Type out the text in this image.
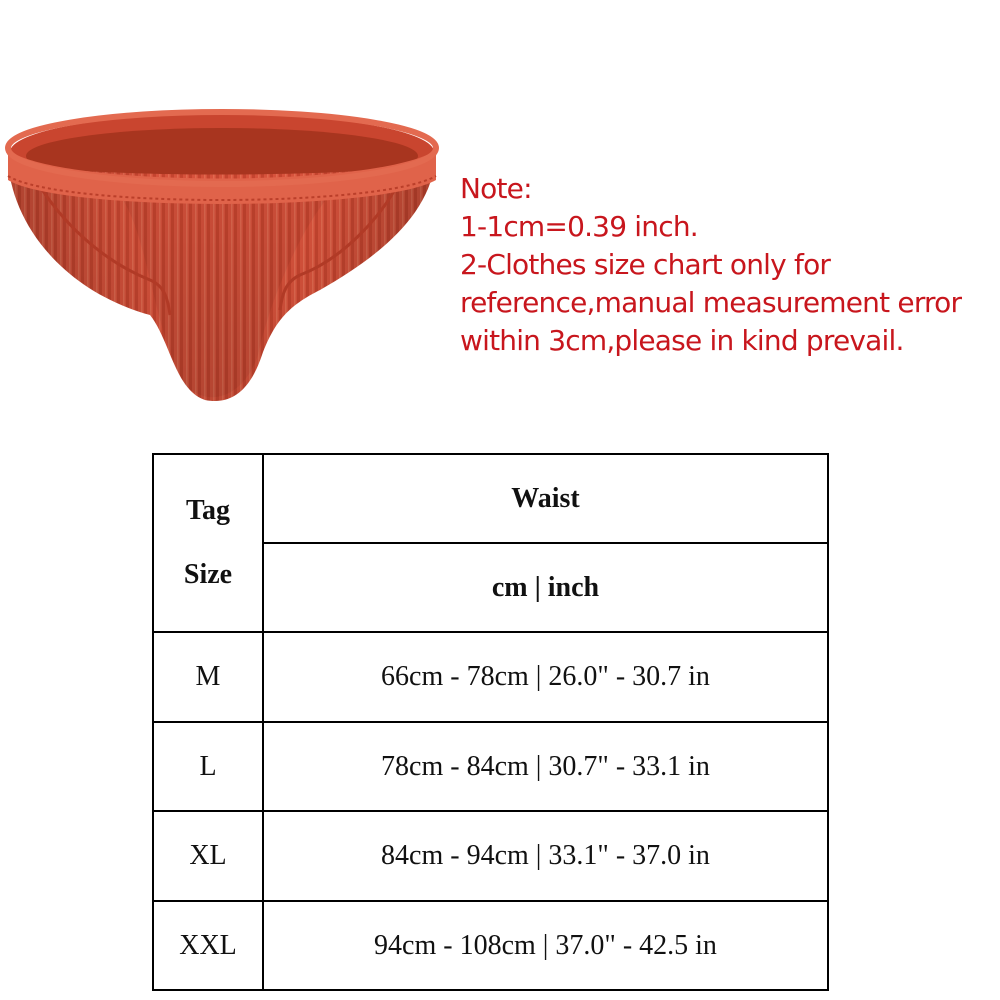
Note:
1-1cm=0.39 inch.
2-Clothes size chart only for
reference,manual measurement error
within 3cm,please in kind prevail.
Tag
Size	Waist
	cm | inch
M	66cm - 78cm | 26.0" - 30.7 in
L	78cm - 84cm | 30.7" - 33.1 in
XL	84cm - 94cm | 33.1" - 37.0 in
XXL	94cm - 108cm | 37.0" - 42.5 in
